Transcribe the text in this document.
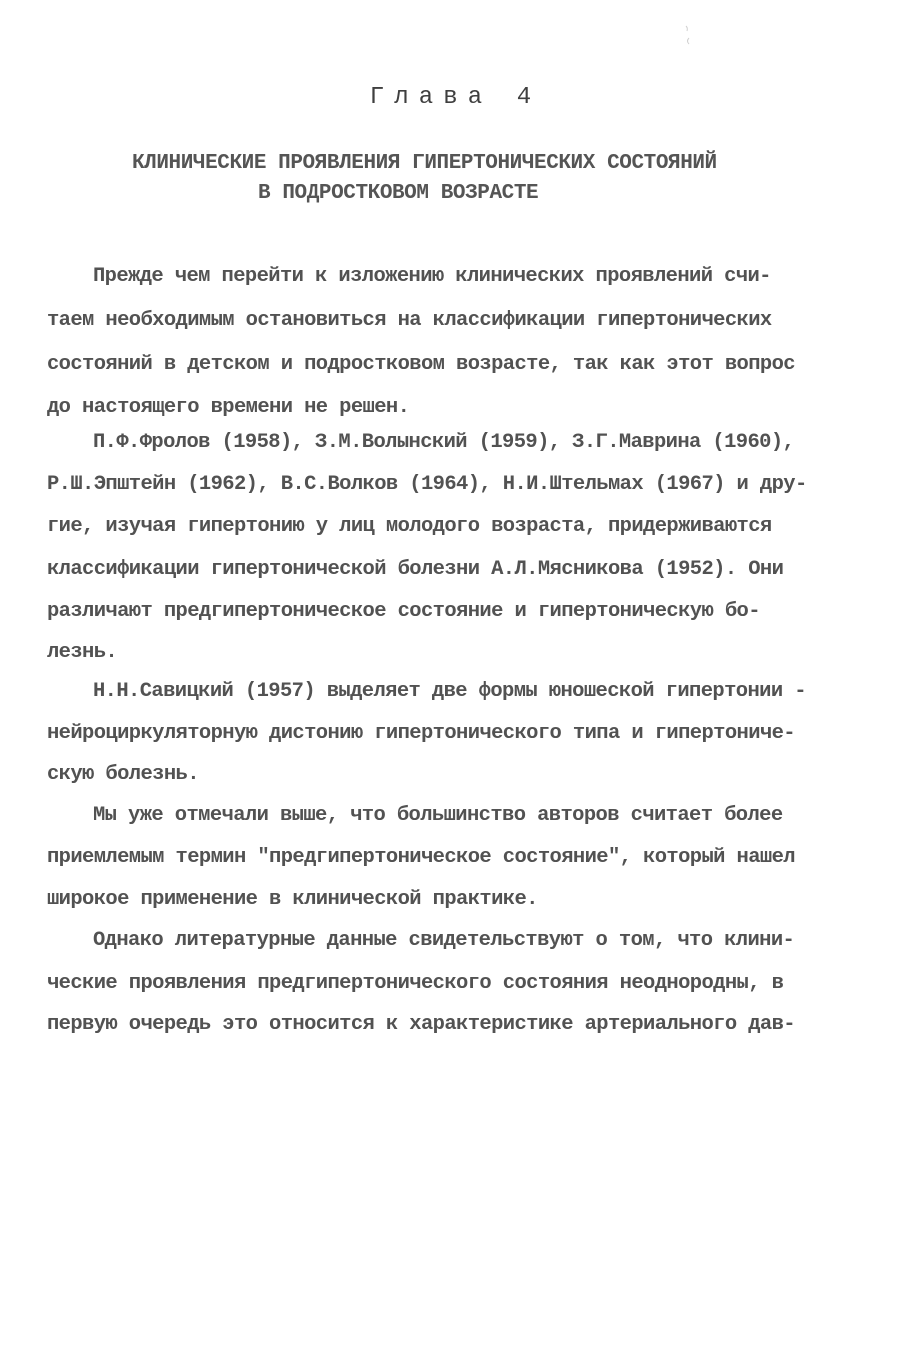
Глава 4
КЛИНИЧЕСКИЕ ПРОЯВЛЕНИЯ ГИПЕРТОНИЧЕСКИХ СОСТОЯНИЙ
В ПОДРОСТКОВОМ ВОЗРАСТЕ
Прежде чем перейти к изложению клинических проявлений счи-
таем необходимым остановиться на классификации гипертонических
состояний в детском и подростковом возрасте, так как этот вопрос
до настоящего времени не решен.
П.Ф.Фролов (1958), З.М.Волынский (1959), З.Г.Маврина (1960),
Р.Ш.Эпштейн (1962), В.С.Волков (1964), Н.И.Штельмах (1967) и дру-
гие, изучая гипертонию у лиц молодого возраста, придерживаются
классификации гипертонической болезни А.Л.Мясникова (1952). Они
различают предгипертоническое состояние и гипертоническую бо-
лезнь.
Н.Н.Савицкий (1957) выделяет две формы юношеской гипертонии -
нейроциркуляторную дистонию гипертонического типа и гипертониче-
скую болезнь.
Мы уже отмечали выше, что большинство авторов считает более
приемлемым термин "предгипертоническое состояние", который нашел
широкое применение в клинической практике.
Однако литературные данные свидетельствуют о том, что клини-
ческие проявления предгипертонического состояния неоднородны, в
первую очередь это относится к характеристике артериального дав-
